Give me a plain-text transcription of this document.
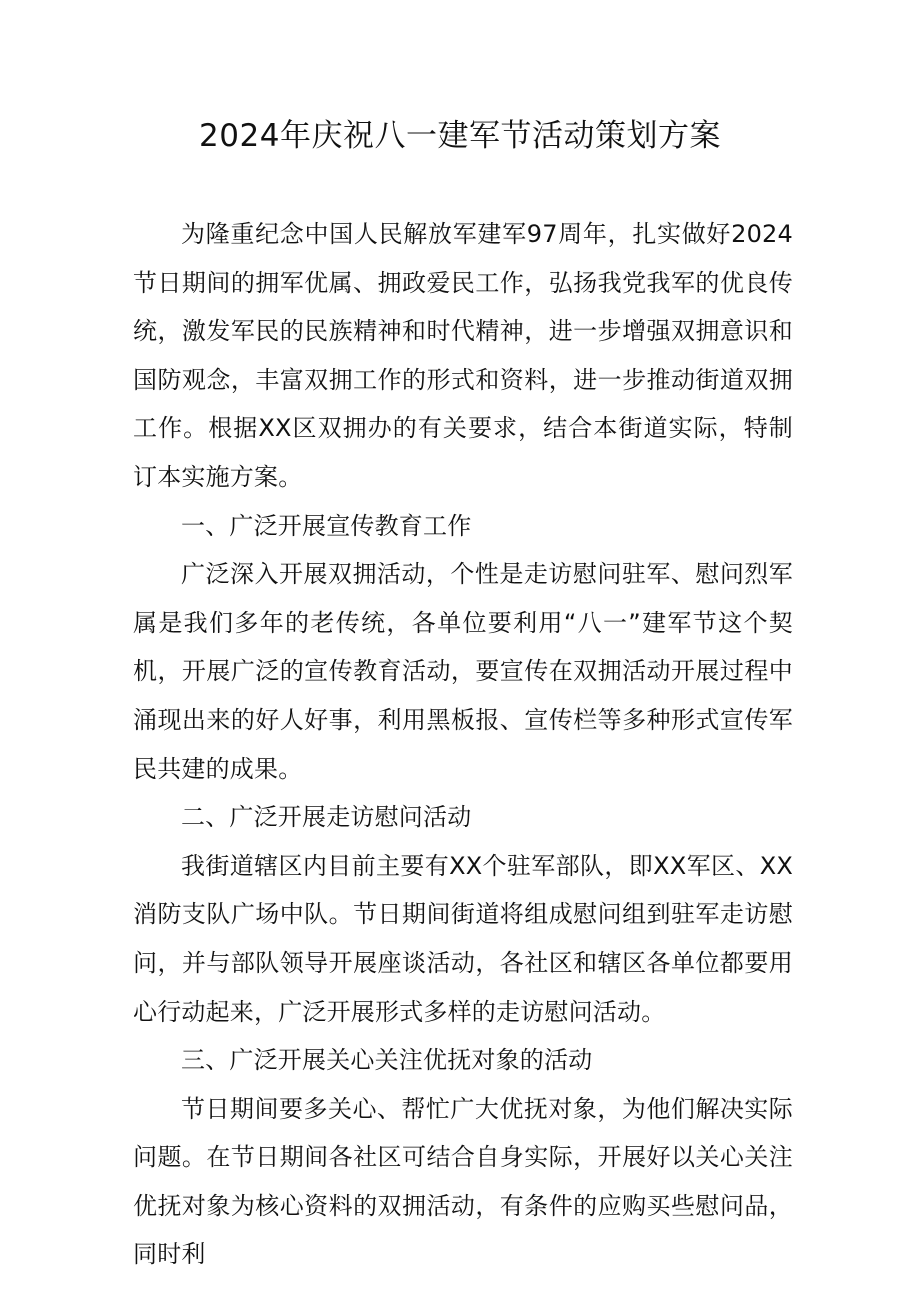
2024年庆祝八一建军节活动策划方案

为隆重纪念中国人民解放军建军97周年，扎实做好2024节日期间的拥军优属、拥政爱民工作，弘扬我党我军的优良传统，激发军民的民族精神和时代精神，进一步增强双拥意识和国防观念，丰富双拥工作的形式和资料，进一步推动街道双拥工作。根据XX区双拥办的有关要求，结合本街道实际，特制订本实施方案。

一、广泛开展宣传教育工作

广泛深入开展双拥活动，个性是走访慰问驻军、慰问烈军属是我们多年的老传统，各单位要利用“八一”建军节这个契机，开展广泛的宣传教育活动，要宣传在双拥活动开展过程中涌现出来的好人好事，利用黑板报、宣传栏等多种形式宣传军民共建的成果。

二、广泛开展走访慰问活动

我街道辖区内目前主要有XX个驻军部队，即XX军区、XX消防支队广场中队。节日期间街道将组成慰问组到驻军走访慰问，并与部队领导开展座谈活动，各社区和辖区各单位都要用心行动起来，广泛开展形式多样的走访慰问活动。

三、广泛开展关心关注优抚对象的活动

节日期间要多关心、帮忙广大优抚对象，为他们解决实际问题。在节日期间各社区可结合自身实际，开展好以关心关注优抚对象为核心资料的双拥活动，有条件的应购买些慰问品，同时利
